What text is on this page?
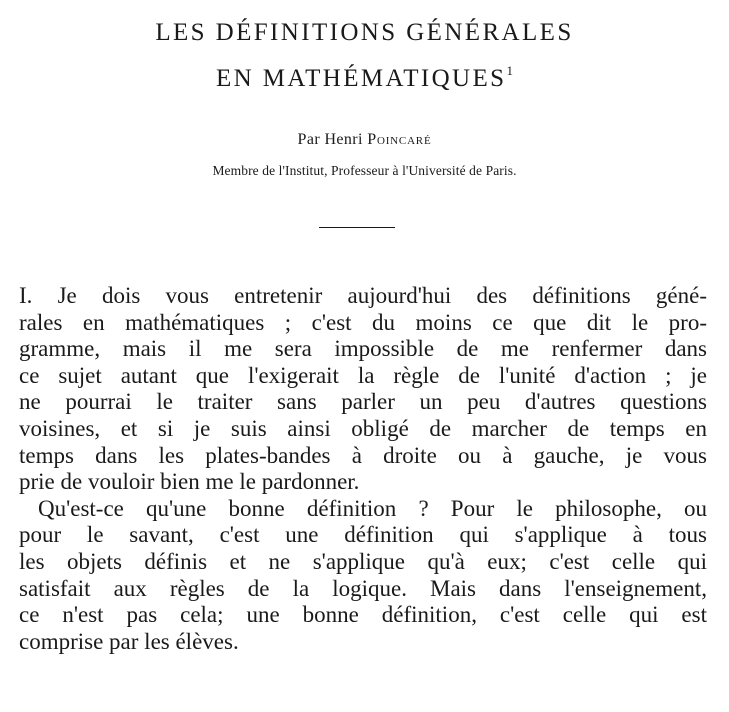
LES DÉFINITIONS GÉNÉRALES
EN MATHÉMATIQUES$^1$
Par Henri Poincaré
Membre de l'Institut, Professeur à l'Université de Paris.
I. Je dois vous entretenir aujourd'hui des définitions géné-
rales en mathématiques ; c'est du moins ce que dit le pro-
gramme, mais il me sera impossible de me renfermer dans
ce sujet autant que l'exigerait la règle de l'unité d'action ; je
ne pourrai le traiter sans parler un peu d'autres questions
voisines, et si je suis ainsi obligé de marcher de temps en
temps dans les plates-bandes à droite ou à gauche, je vous
prie de vouloir bien me le pardonner.
Qu'est-ce qu'une bonne définition ? Pour le philosophe, ou
pour le savant, c'est une définition qui s'applique à tous
les objets définis et ne s'applique qu'à eux; c'est celle qui
satisfait aux règles de la logique. Mais dans l'enseignement,
ce n'est pas cela; une bonne définition, c'est celle qui est
comprise par les élèves.
